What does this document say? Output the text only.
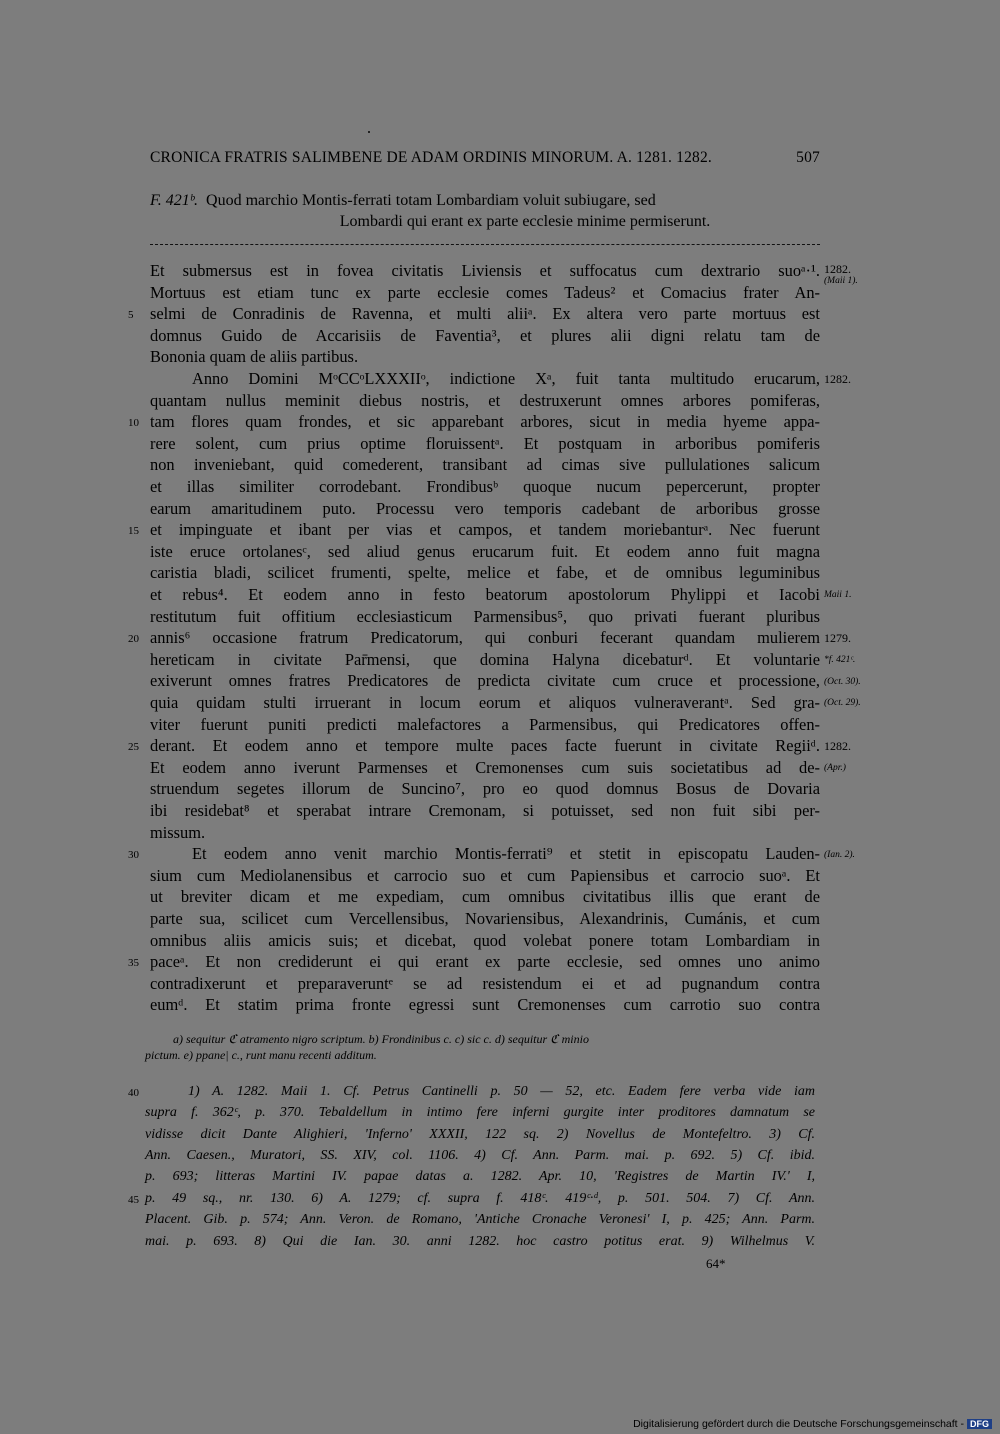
CRONICA FRATRIS SALIMBENE DE ADAM ORDINIS MINORUM. A. 1281. 1282.	507
F. 421ᵇ. Quod marchio Montis-ferrati totam Lombardiam voluit subiugare, sed
Lombardi qui erant ex parte ecclesie minime permiserunt.
Et submersus est in fovea civitatis Liviensis et suffocatus cum dextrario suoᵃ·¹.
Mortuus est etiam tunc ex parte ecclesie comes Tadeus² et Comacius frater An-
selmi de Conradinis de Ravenna, et multi aliiᵃ. Ex altera vero parte mortuus est
domnus Guido de Accarisiis de Faventia³, et plures alii digni relatu tam de
Bononia quam de aliis partibus.
Anno Domini MᵒCCᵒLXXXIIᵒ, indictione Xᵃ, fuit tanta multitudo erucarum,
quantam nullus meminit diebus nostris, et destruxerunt omnes arbores pomiferas,
tam flores quam frondes, et sic apparebant arbores, sicut in media hyeme appa-
rere solent, cum prius optime floruissentᵃ. Et postquam in arboribus pomiferis
non inveniebant, quid comederent, transibant ad cimas sive pullulationes salicum
et illas similiter corrodebant. Frondibusᵇ quoque nucum pepercerunt, propter
earum amaritudinem puto. Processu vero temporis cadebant de arboribus grosse
et impinguate et ibant per vias et campos, et tandem moriebanturᵃ. Nec fuerunt
iste eruce ortolanesᶜ, sed aliud genus erucarum fuit. Et eodem anno fuit magna
caristia bladi, scilicet frumenti, spelte, melice et fabe, et de omnibus leguminibus
et rebus⁴. Et eodem anno in festo beatorum apostolorum Phylippi et Iacobi
restitutum fuit offitium ecclesiasticum Parmensibus⁵, quo privati fuerant pluribus
annis⁶ occasione fratrum Predicatorum, qui conburi fecerant quandam mulierem
hereticam in civitate Par̄mensi, que domina Halyna dicebaturᵈ. Et voluntarie
exiverunt omnes fratres Predicatores de predicta civitate cum cruce et processione,
quia quidam stulti irruerant in locum eorum et aliquos vulneraverantᵃ. Sed gra-
viter fuerunt puniti predicti malefactores a Parmensibus, qui Predicatores offen-
derant. Et eodem anno et tempore multe paces facte fuerunt in civitate Regiiᵈ.
Et eodem anno iverunt Parmenses et Cremonenses cum suis societatibus ad de-
struendum segetes illorum de Suncino⁷, pro eo quod domnus Bosus de Dovaria
ibi residebat⁸ et sperabat intrare Cremonam, si potuisset, sed non fuit sibi per-
missum.
Et eodem anno venit marchio Montis-ferrati⁹ et stetit in episcopatu Lauden-
sium cum Mediolanensibus et carrocio suo et cum Papiensibus et carrocio suoᵃ. Et
ut breviter dicam et me expediam, cum omnibus civitatibus illis que erant de
parte sua, scilicet cum Vercellensibus, Novariensibus, Alexandrinis, Cumánis, et cum
omnibus aliis amicis suis; et dicebat, quod volebat ponere totam Lombardiam in
paceᵃ. Et non crediderunt ei qui erant ex parte ecclesie, sed omnes uno animo
contradixerunt et preparaveruntᵉ se ad resistendum ei et ad pugnandum contra
eumᵈ. Et statim prima fronte egressi sunt Cremonenses cum carrotio suo contra
5
10
15
20
25
30
35
40
45
1282.
(Maii 1).
1282.
Maii 1.
1279.
*f. 421ᶜ.
(Oct. 30).
(Oct. 29).
1282.
(Apr.)
(Ian. 2).
a) sequitur ℭ atramento nigro scriptum. b) Frondinibus c. c) sic c. d) sequitur ℭ minio
pictum. e) ppane| c., runt manu recenti additum.
1) A. 1282. Maii 1. Cf. Petrus Cantinelli p. 50 — 52, etc. Eadem fere verba vide iam
supra f. 362ᶜ, p. 370. Tebaldellum in intimo fere inferni gurgite inter proditores damnatum se
vidisse dicit Dante Alighieri, 'Inferno' XXXII, 122 sq. 2) Novellus de Montefeltro. 3) Cf.
Ann. Caesen., Muratori, SS. XIV, col. 1106. 4) Cf. Ann. Parm. mai. p. 692. 5) Cf. ibid.
p. 693; litteras Martini IV. papae datas a. 1282. Apr. 10, 'Registres de Martin IV.' I,
p. 49 sq., nr. 130. 6) A. 1279; cf. supra f. 418ᶜ. 419ᶜ·ᵈ, p. 501. 504. 7) Cf. Ann.
Placent. Gib. p. 574; Ann. Veron. de Romano, 'Antiche Cronache Veronesi' I, p. 425; Ann. Parm.
mai. p. 693. 8) Qui die Ian. 30. anni 1282. hoc castro potitus erat. 9) Wilhelmus V.
64*
Digitalisierung gefördert durch die Deutsche Forschungsgemeinschaft - DFG
